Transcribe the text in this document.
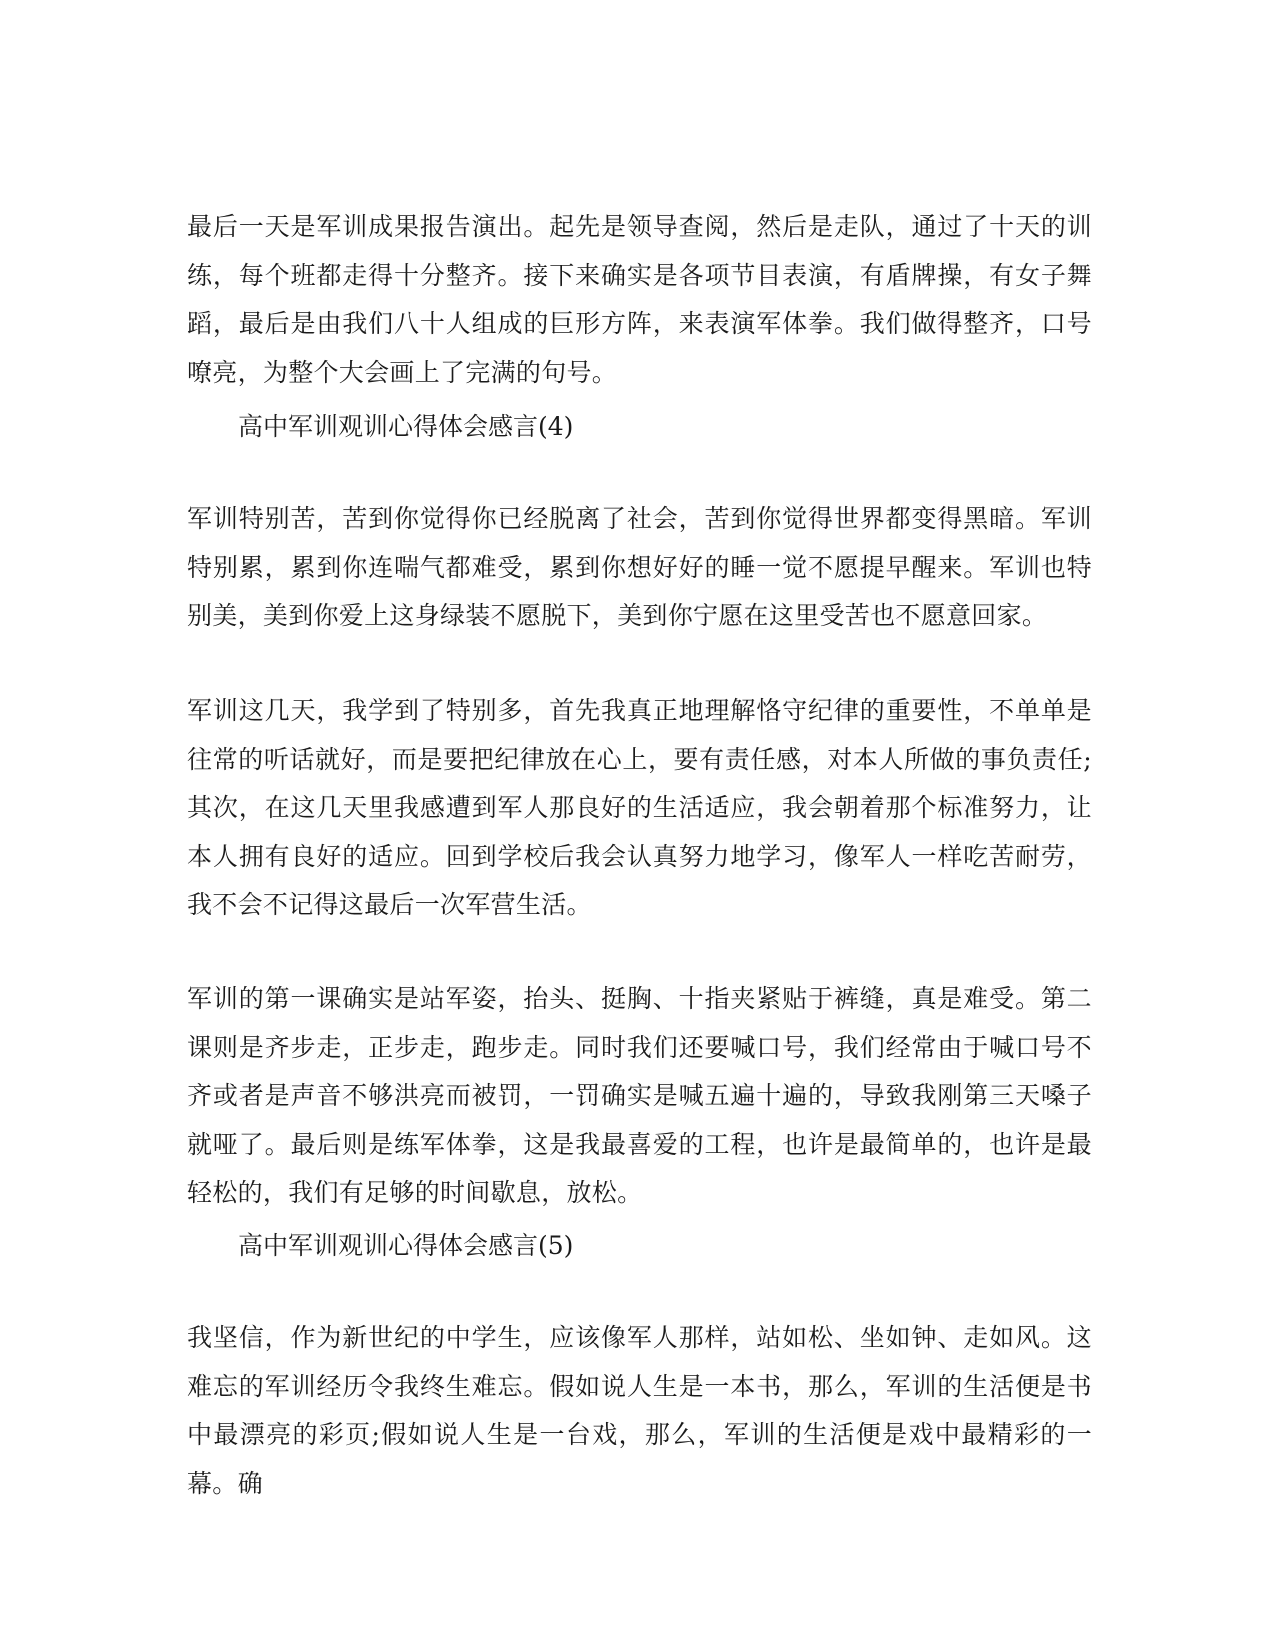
最后一天是军训成果报告演出。起先是领导查阅，然后是走队，通过了十天的训练，每个班都走得十分整齐。接下来确实是各项节目表演，有盾牌操，有女子舞蹈，最后是由我们八十人组成的巨形方阵，来表演军体拳。我们做得整齐，口号嘹亮，为整个大会画上了完满的句号。

高中军训观训心得体会感言(4)

军训特别苦，苦到你觉得你已经脱离了社会，苦到你觉得世界都变得黑暗。军训特别累，累到你连喘气都难受，累到你想好好的睡一觉不愿提早醒来。军训也特别美，美到你爱上这身绿装不愿脱下，美到你宁愿在这里受苦也不愿意回家。

军训这几天，我学到了特别多，首先我真正地理解恪守纪律的重要性，不单单是往常的听话就好，而是要把纪律放在心上，要有责任感，对本人所做的事负责任;其次，在这几天里我感遭到军人那良好的生活适应，我会朝着那个标准努力，让本人拥有良好的适应。回到学校后我会认真努力地学习，像军人一样吃苦耐劳，我不会不记得这最后一次军营生活。

军训的第一课确实是站军姿，抬头、挺胸、十指夹紧贴于裤缝，真是难受。第二课则是齐步走，正步走，跑步走。同时我们还要喊口号，我们经常由于喊口号不齐或者是声音不够洪亮而被罚，一罚确实是喊五遍十遍的，导致我刚第三天嗓子就哑了。最后则是练军体拳，这是我最喜爱的工程，也许是最简单的，也许是最轻松的，我们有足够的时间歇息，放松。

高中军训观训心得体会感言(5)

我坚信，作为新世纪的中学生，应该像军人那样，站如松、坐如钟、走如风。这难忘的军训经历令我终生难忘。假如说人生是一本书，那么，军训的生活便是书中最漂亮的彩页;假如说人生是一台戏，那么，军训的生活便是戏中最精彩的一幕。确
